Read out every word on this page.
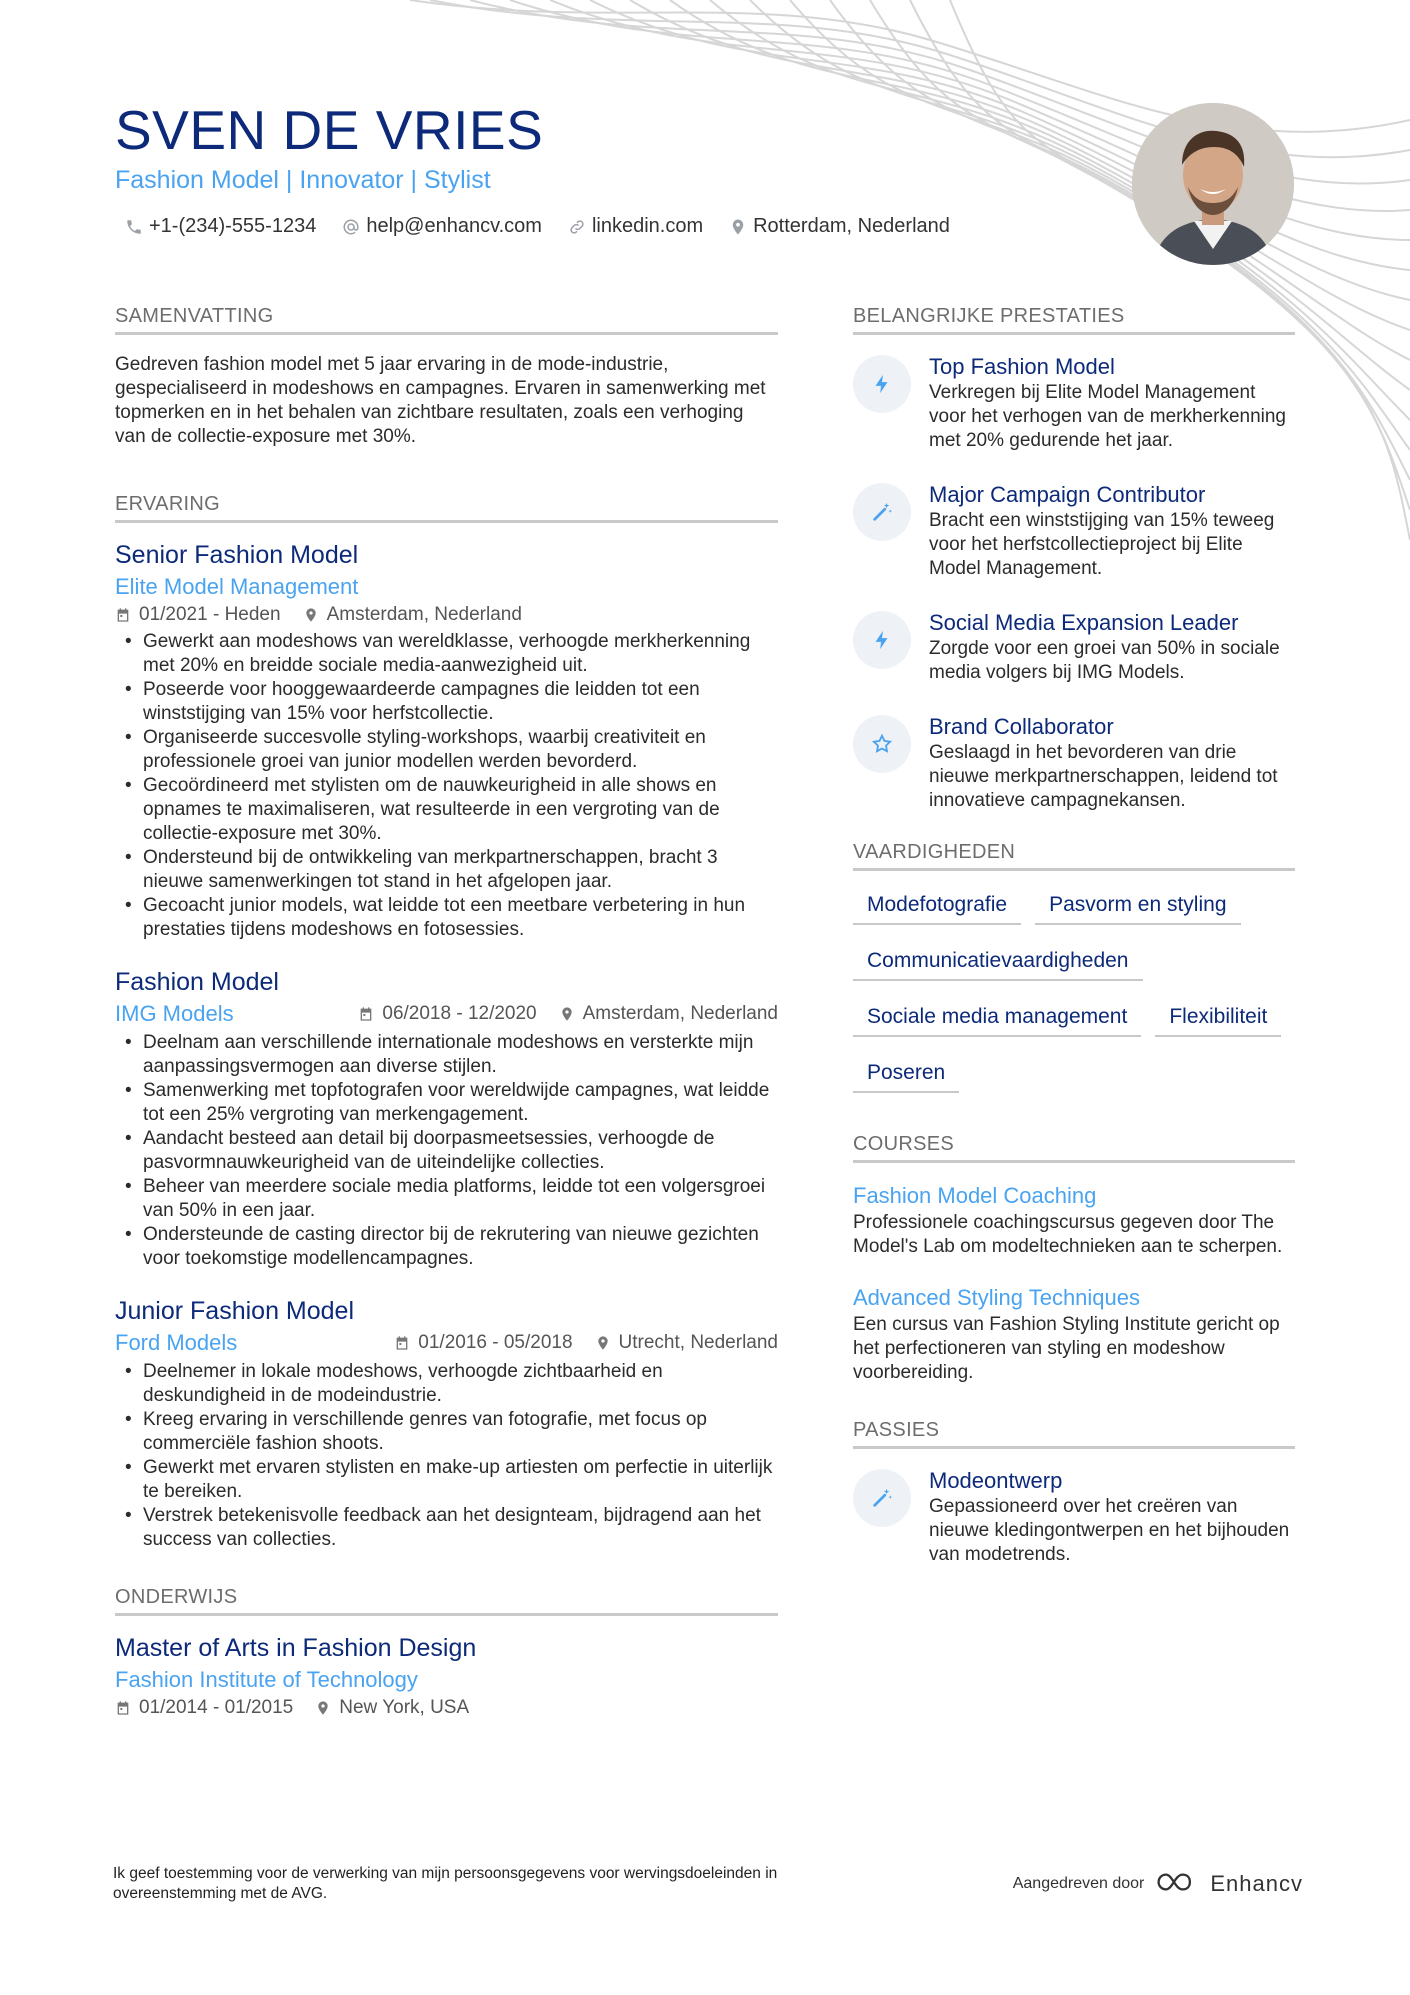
SVEN DE VRIES
Fashion Model | Innovator | Stylist
+1-(234)-555-1234	help@enhancv.com	linkedin.com	Rotterdam, Nederland
SAMENVATTING
Gedreven fashion model met 5 jaar ervaring in de mode-industrie, gespecialiseerd in modeshows en campagnes. Ervaren in samenwerking met topmerken en in het behalen van zichtbare resultaten, zoals een verhoging van de collectie-exposure met 30%.
ERVARING
Senior Fashion Model
Elite Model Management
01/2021 - Heden Amsterdam, Nederland
• Gewerkt aan modeshows van wereldklasse, verhoogde merkherkenning met 20% en breidde sociale media-aanwezigheid uit.
• Poseerde voor hooggewaardeerde campagnes die leidden tot een winststijging van 15% voor herfstcollectie.
• Organiseerde succesvolle styling-workshops, waarbij creativiteit en professionele groei van junior modellen werden bevorderd.
• Gecoördineerd met stylisten om de nauwkeurigheid in alle shows en opnames te maximaliseren, wat resulteerde in een vergroting van de collectie-exposure met 30%.
• Ondersteund bij de ontwikkeling van merkpartnerschappen, bracht 3 nieuwe samenwerkingen tot stand in het afgelopen jaar.
• Gecoacht junior models, wat leidde tot een meetbare verbetering in hun prestaties tijdens modeshows en fotosessies.
Fashion Model
IMG Models	06/2018 - 12/2020 Amsterdam, Nederland
• Deelnam aan verschillende internationale modeshows en versterkte mijn aanpassingsvermogen aan diverse stijlen.
• Samenwerking met topfotografen voor wereldwijde campagnes, wat leidde tot een 25% vergroting van merkengagement.
• Aandacht besteed aan detail bij doorpasmeetsessies, verhoogde de pasvormnauwkeurigheid van de uiteindelijke collecties.
• Beheer van meerdere sociale media platforms, leidde tot een volgersgroei van 50% in een jaar.
• Ondersteunde de casting director bij de rekrutering van nieuwe gezichten voor toekomstige modellencampagnes.
Junior Fashion Model
Ford Models	01/2016 - 05/2018 Utrecht, Nederland
• Deelnemer in lokale modeshows, verhoogde zichtbaarheid en deskundigheid in de modeindustrie.
• Kreeg ervaring in verschillende genres van fotografie, met focus op commerciële fashion shoots.
• Gewerkt met ervaren stylisten en make-up artiesten om perfectie in uiterlijk te bereiken.
• Verstrek betekenisvolle feedback aan het designteam, bijdragend aan het success van collecties.
ONDERWIJS
Master of Arts in Fashion Design
Fashion Institute of Technology
01/2014 - 01/2015 New York, USA
BELANGRIJKE PRESTATIES
Top Fashion Model
Verkregen bij Elite Model Management voor het verhogen van de merkherkenning met 20% gedurende het jaar.
Major Campaign Contributor
Bracht een winststijging van 15% teweeg voor het herfstcollectieproject bij Elite Model Management.
Social Media Expansion Leader
Zorgde voor een groei van 50% in sociale media volgers bij IMG Models.
Brand Collaborator
Geslaagd in het bevorderen van drie nieuwe merkpartnerschappen, leidend tot innovatieve campagnekansen.
VAARDIGHEDEN
Modefotografie	Pasvorm en styling
Communicatievaardigheden
Sociale media management	Flexibiliteit
Poseren
COURSES
Fashion Model Coaching
Professionele coachingscursus gegeven door The Model's Lab om modeltechnieken aan te scherpen.
Advanced Styling Techniques
Een cursus van Fashion Styling Institute gericht op het perfectioneren van styling en modeshow voorbereiding.
PASSIES
Modeontwerp
Gepassioneerd over het creëren van nieuwe kledingontwerpen en het bijhouden van modetrends.
Ik geef toestemming voor de verwerking van mijn persoonsgegevens voor wervingsdoeleinden in overeenstemming met de AVG.
Aangedreven door	Enhancv
